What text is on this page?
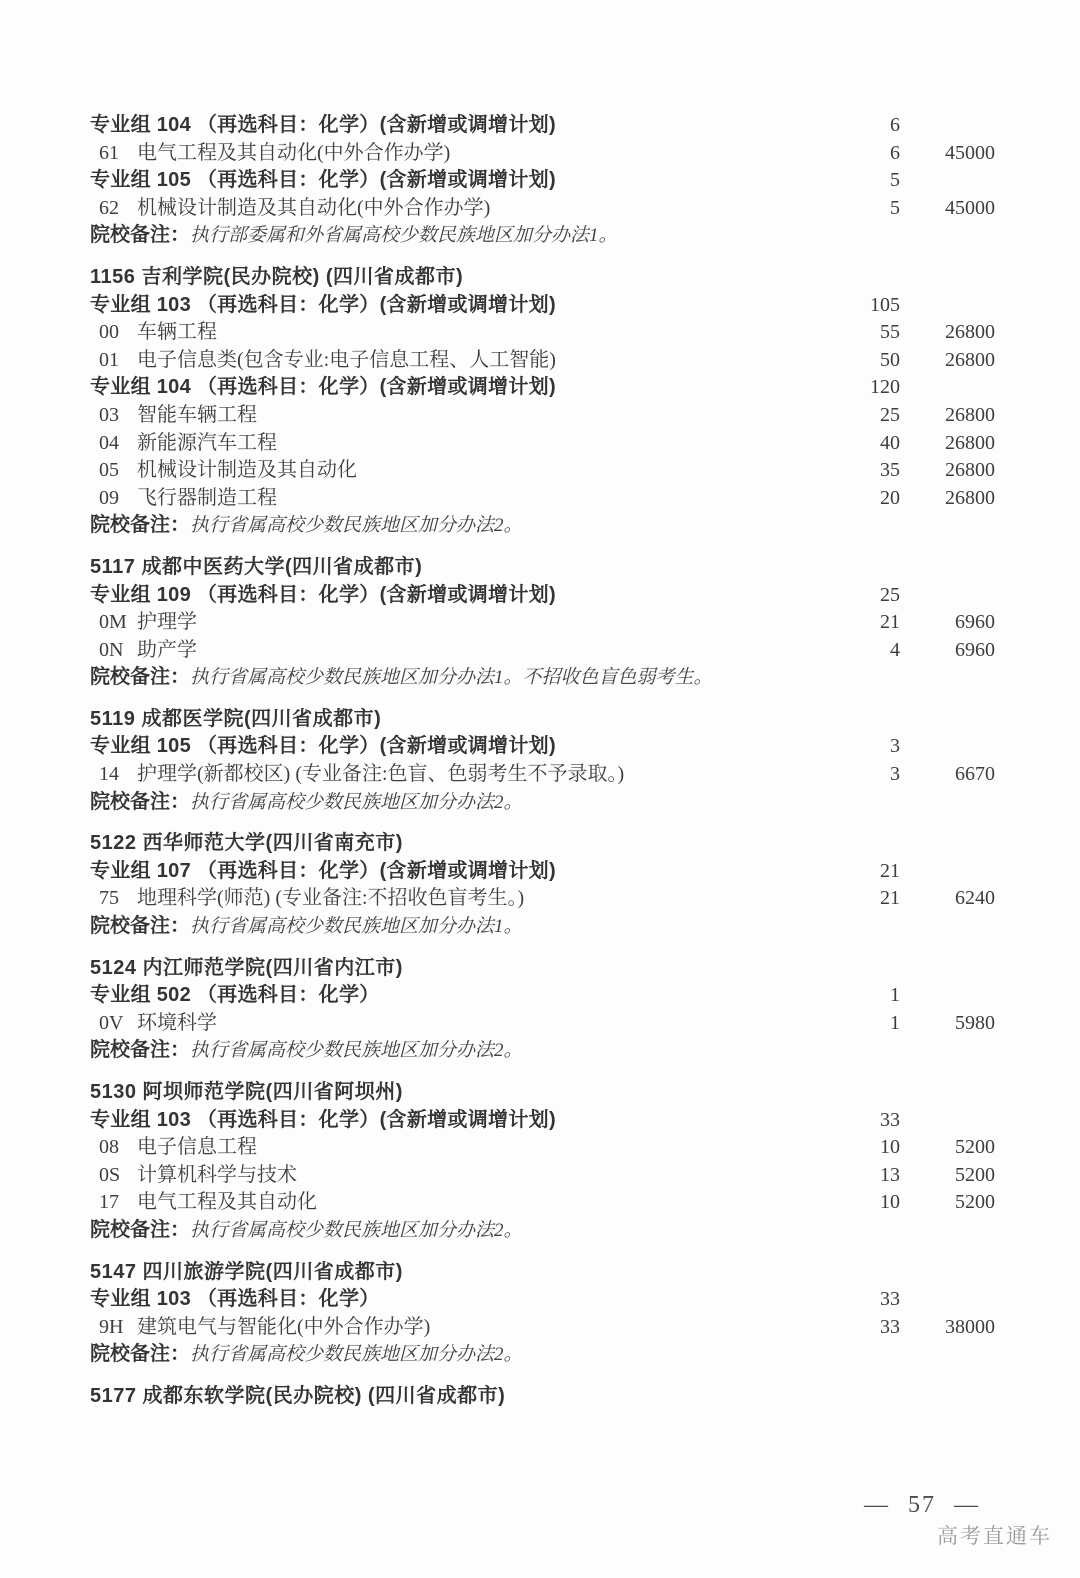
专业组 104 （再选科目：化学）(含新增或调增计划)	6
61 电气工程及其自动化(中外合作办学)	6	45000
专业组 105 （再选科目：化学）(含新增或调增计划)	5
62 机械设计制造及其自动化(中外合作办学)	5	45000
院校备注：执行部委属和外省属高校少数民族地区加分办法1。
1156 吉利学院(民办院校) (四川省成都市)
专业组 103 （再选科目：化学）(含新增或调增计划)	105
00 车辆工程	55	26800
01 电子信息类(包含专业:电子信息工程、人工智能)	50	26800
专业组 104 （再选科目：化学）(含新增或调增计划)	120
03 智能车辆工程	25	26800
04 新能源汽车工程	40	26800
05 机械设计制造及其自动化	35	26800
09 飞行器制造工程	20	26800
院校备注：执行省属高校少数民族地区加分办法2。
5117 成都中医药大学(四川省成都市)
专业组 109 （再选科目：化学）(含新增或调增计划)	25
0M 护理学	21	6960
0N 助产学	4	6960
院校备注：执行省属高校少数民族地区加分办法1。不招收色盲色弱考生。
5119 成都医学院(四川省成都市)
专业组 105 （再选科目：化学）(含新增或调增计划)	3
14 护理学(新都校区) (专业备注:色盲、色弱考生不予录取。)	3	6670
院校备注：执行省属高校少数民族地区加分办法2。
5122 西华师范大学(四川省南充市)
专业组 107 （再选科目：化学）(含新增或调增计划)	21
75 地理科学(师范) (专业备注:不招收色盲考生。)	21	6240
院校备注：执行省属高校少数民族地区加分办法1。
5124 内江师范学院(四川省内江市)
专业组 502 （再选科目：化学）	1
0V 环境科学	1	5980
院校备注：执行省属高校少数民族地区加分办法2。
5130 阿坝师范学院(四川省阿坝州)
专业组 103 （再选科目：化学）(含新增或调增计划)	33
08 电子信息工程	10	5200
0S 计算机科学与技术	13	5200
17 电气工程及其自动化	10	5200
院校备注：执行省属高校少数民族地区加分办法2。
5147 四川旅游学院(四川省成都市)
专业组 103 （再选科目：化学）	33
9H 建筑电气与智能化(中外合作办学)	33	38000
院校备注：执行省属高校少数民族地区加分办法2。
5177 成都东软学院(民办院校) (四川省成都市)
— 57 —
高考直通车
